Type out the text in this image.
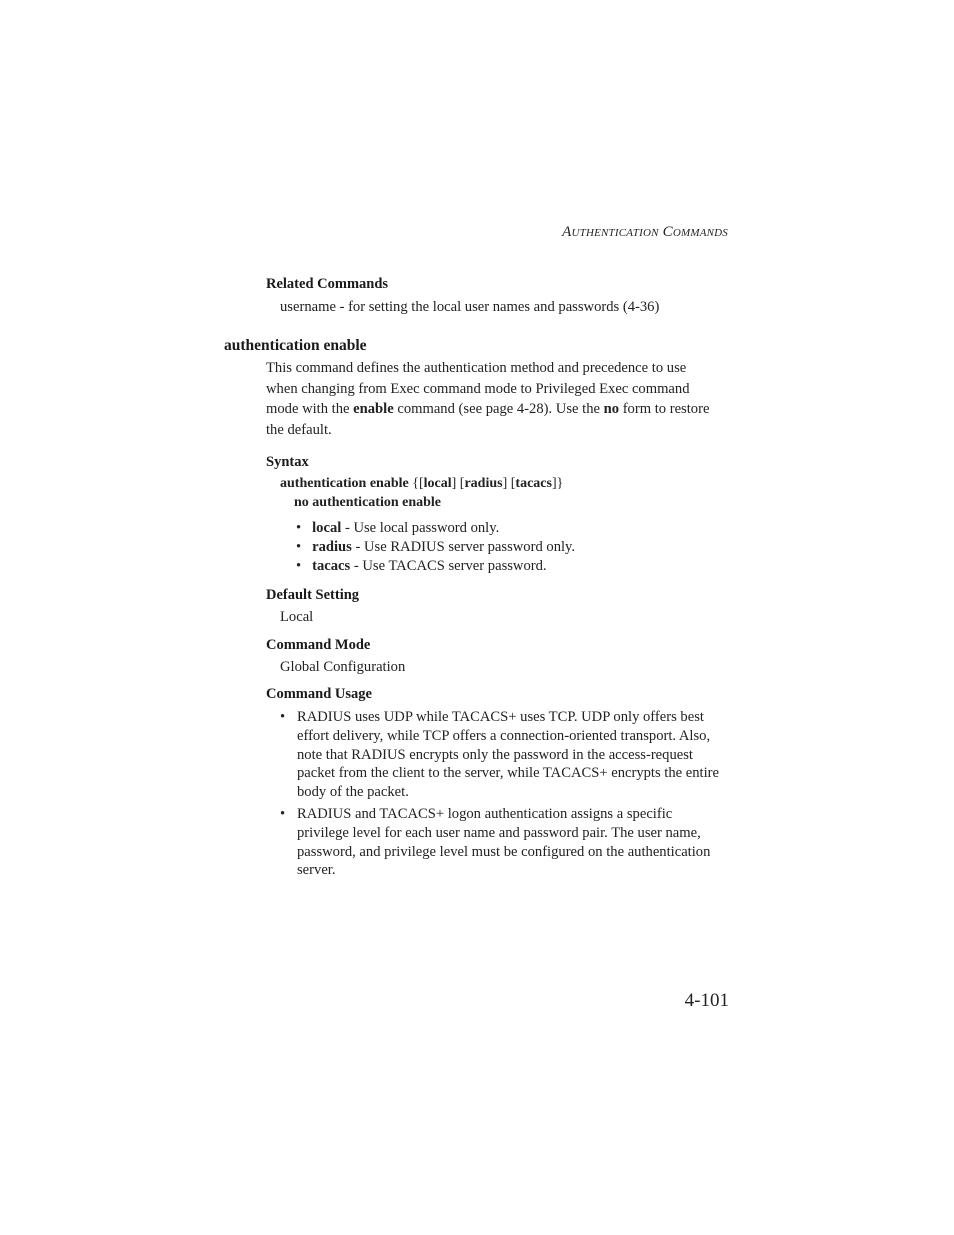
AUTHENTICATION COMMANDS
Related Commands
username - for setting the local user names and passwords (4-36)
authentication enable
This command defines the authentication method and precedence to use
when changing from Exec command mode to Privileged Exec command
mode with the enable command (see page 4-28). Use the no form to restore
the default.
Syntax
authentication enable {[local] [radius] [tacacs]}
no authentication enable
• local - Use local password only.
• radius - Use RADIUS server password only.
• tacacs - Use TACACS server password.
Default Setting
Local
Command Mode
Global Configuration
Command Usage
• RADIUS uses UDP while TACACS+ uses TCP. UDP only offers best
effort delivery, while TCP offers a connection-oriented transport. Also,
note that RADIUS encrypts only the password in the access-request
packet from the client to the server, while TACACS+ encrypts the entire
body of the packet.
• RADIUS and TACACS+ logon authentication assigns a specific
privilege level for each user name and password pair. The user name,
password, and privilege level must be configured on the authentication
server.
4-101
